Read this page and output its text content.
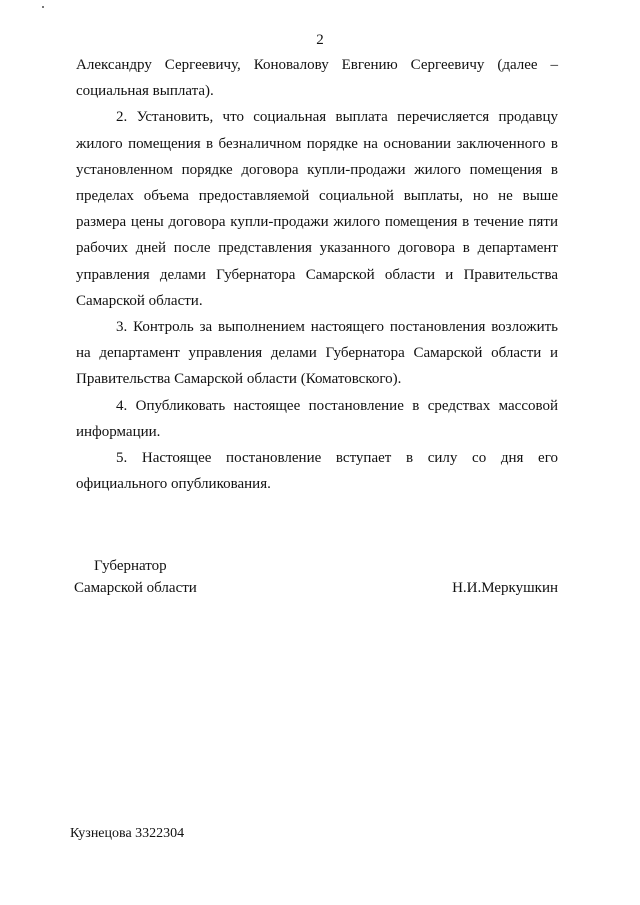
2

Александру Сергеевичу, Коновалову Евгению Сергеевичу (далее – социальная выплата).

2. Установить, что социальная выплата перечисляется продавцу жилого помещения в безналичном порядке на основании заключенного в установленном порядке договора купли-продажи жилого помещения в пределах объема предоставляемой социальной выплаты, но не выше размера цены договора купли-продажи жилого помещения в течение пяти рабочих дней после представления указанного договора в департамент управления делами Губернатора Самарской области и Правительства Самарской области.

3. Контроль за выполнением настоящего постановления возложить на департамент управления делами Губернатора Самарской области и Правительства Самарской области (Коматовского).

4. Опубликовать настоящее постановление в средствах массовой информации.

5. Настоящее постановление вступает в силу со дня его

официального опубликования.

Губернатор
Самарской области	Н.И.Меркушкин
Кузнецова 3322304
